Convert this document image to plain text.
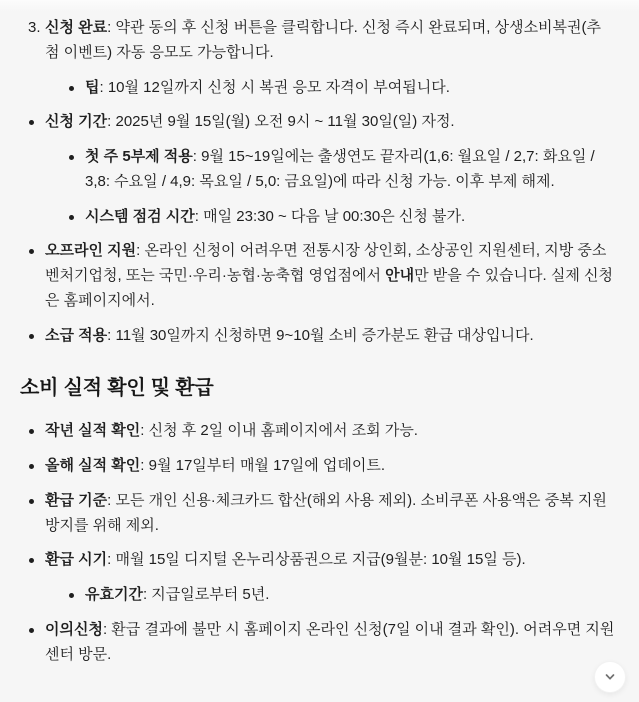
3. 신청 완료: 약관 동의 후 신청 버튼을 클릭합니다. 신청 즉시 완료되며, 상생소비복권(추첨 이벤트) 자동 응모도 가능합니다.
팁: 10월 12일까지 신청 시 복권 응모 자격이 부여됩니다.
신청 기간: 2025년 9월 15일(월) 오전 9시 ~ 11월 30일(일) 자정.
첫 주 5부제 적용: 9월 15~19일에는 출생연도 끝자리(1,6: 월요일 / 2,7: 화요일 / 3,8: 수요일 / 4,9: 목요일 / 5,0: 금요일)에 따라 신청 가능. 이후 부제 해제.
시스템 점검 시간: 매일 23:30 ~ 다음 날 00:30은 신청 불가.
오프라인 지원: 온라인 신청이 어려우면 전통시장 상인회, 소상공인 지원센터, 지방 중소벤처기업청, 또는 국민·우리·농협·농축협 영업점에서 안내만 받을 수 있습니다. 실제 신청은 홈페이지에서.
소급 적용: 11월 30일까지 신청하면 9~10월 소비 증가분도 환급 대상입니다.
소비 실적 확인 및 환급
작년 실적 확인: 신청 후 2일 이내 홈페이지에서 조회 가능.
올해 실적 확인: 9월 17일부터 매월 17일에 업데이트.
환급 기준: 모든 개인 신용·체크카드 합산(해외 사용 제외). 소비쿠폰 사용액은 중복 지원 방지를 위해 제외.
환급 시기: 매월 15일 디지털 온누리상품권으로 지급(9월분: 10월 15일 등).
유효기간: 지급일로부터 5년.
이의신청: 환급 결과에 불만 시 홈페이지 온라인 신청(7일 이내 결과 확인). 어려우면 지원센터 방문.
